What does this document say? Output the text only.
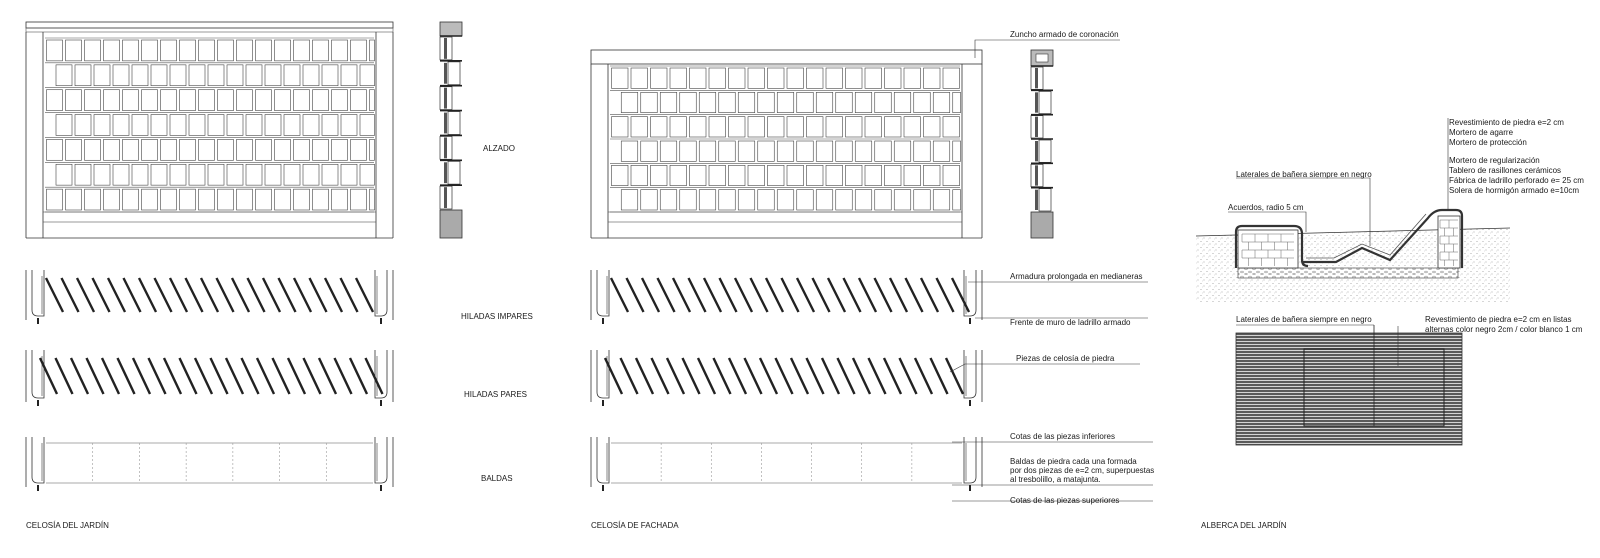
ALZADO
HILADAS IMPARES
HILADAS PARES
BALDAS
CELOSÍA DEL JARDÍN
Zuncho armado de coronación
Armadura prolongada en medianeras
Frente de muro de ladrillo armado
Piezas de celosía de piedra
Cotas de las piezas inferiores
Baldas de piedra cada una formada
por dos piezas de e=2 cm, superpuestas
al tresbolillo, a matajunta.
Cotas de las piezas superiores
CELOSÍA DE FACHADA
Revestimiento de piedra e=2 cm
Mortero de agarre
Mortero de protección
Mortero de regularización
Tablero de rasillones cerámicos
Fábrica de ladrillo perforado e= 25 cm
Solera de hormigón armado e=10cm
Laterales de bañera siempre en negro
Acuerdos, radio 5 cm
Laterales de bañera siempre en negro	Revestimiento de piedra e=2 cm en listas
alternas color negro 2cm / color blanco 1 cm
ALBERCA DEL JARDÍN
